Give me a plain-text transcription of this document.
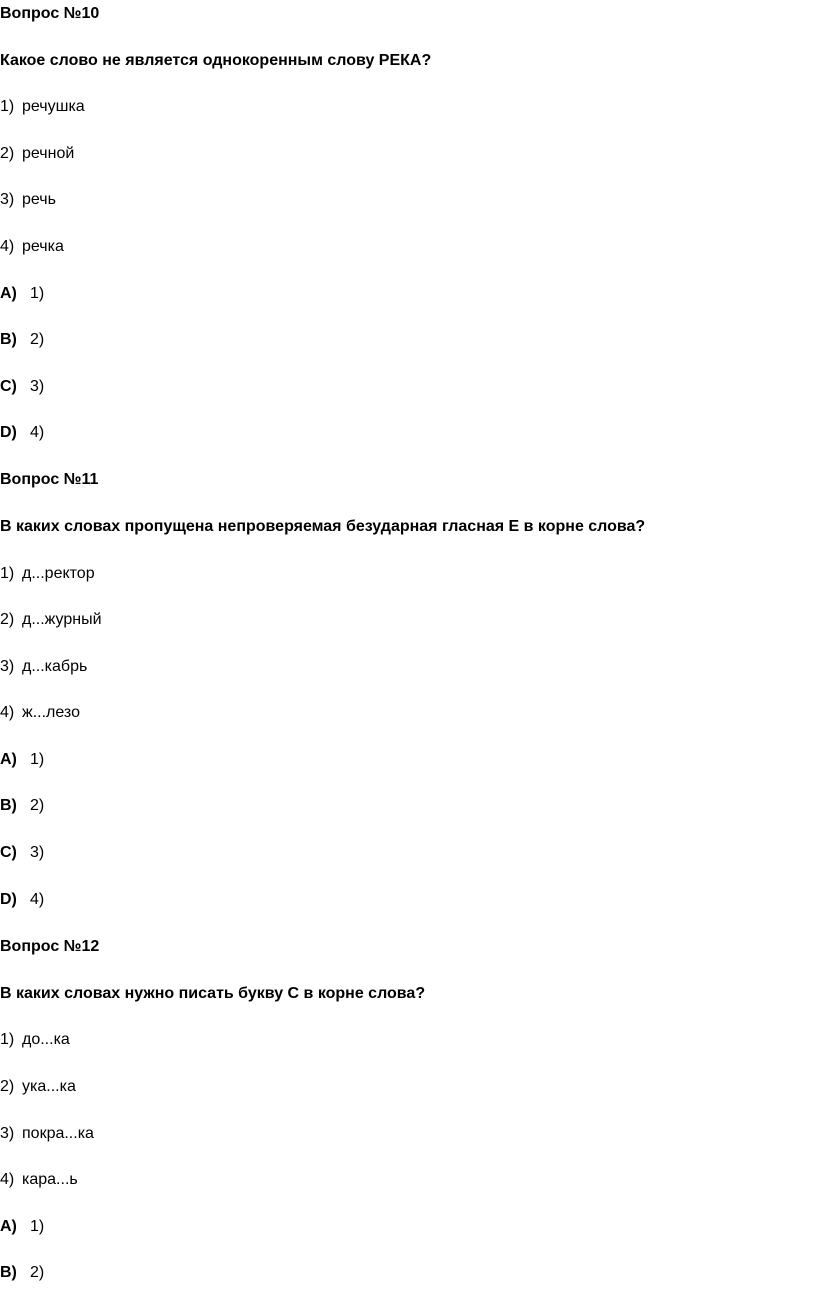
Вопрос №10
Какое слово не является однокоренным слову РЕКА?
1) речушка
2) речной
3) речь
4) речка
A) 1)
B) 2)
C) 3)
D) 4)
Вопрос №11
В каких словах пропущена непроверяемая безударная гласная Е в корне слова?
1) д...ректор
2) д...журный
3) д...кабрь
4) ж...лезо
A) 1)
B) 2)
C) 3)
D) 4)
Вопрос №12
В каких словах нужно писать букву С в корне слова?
1) до...ка
2) ука...ка
3) покра...ка
4) кара...ь
A) 1)
B) 2)
